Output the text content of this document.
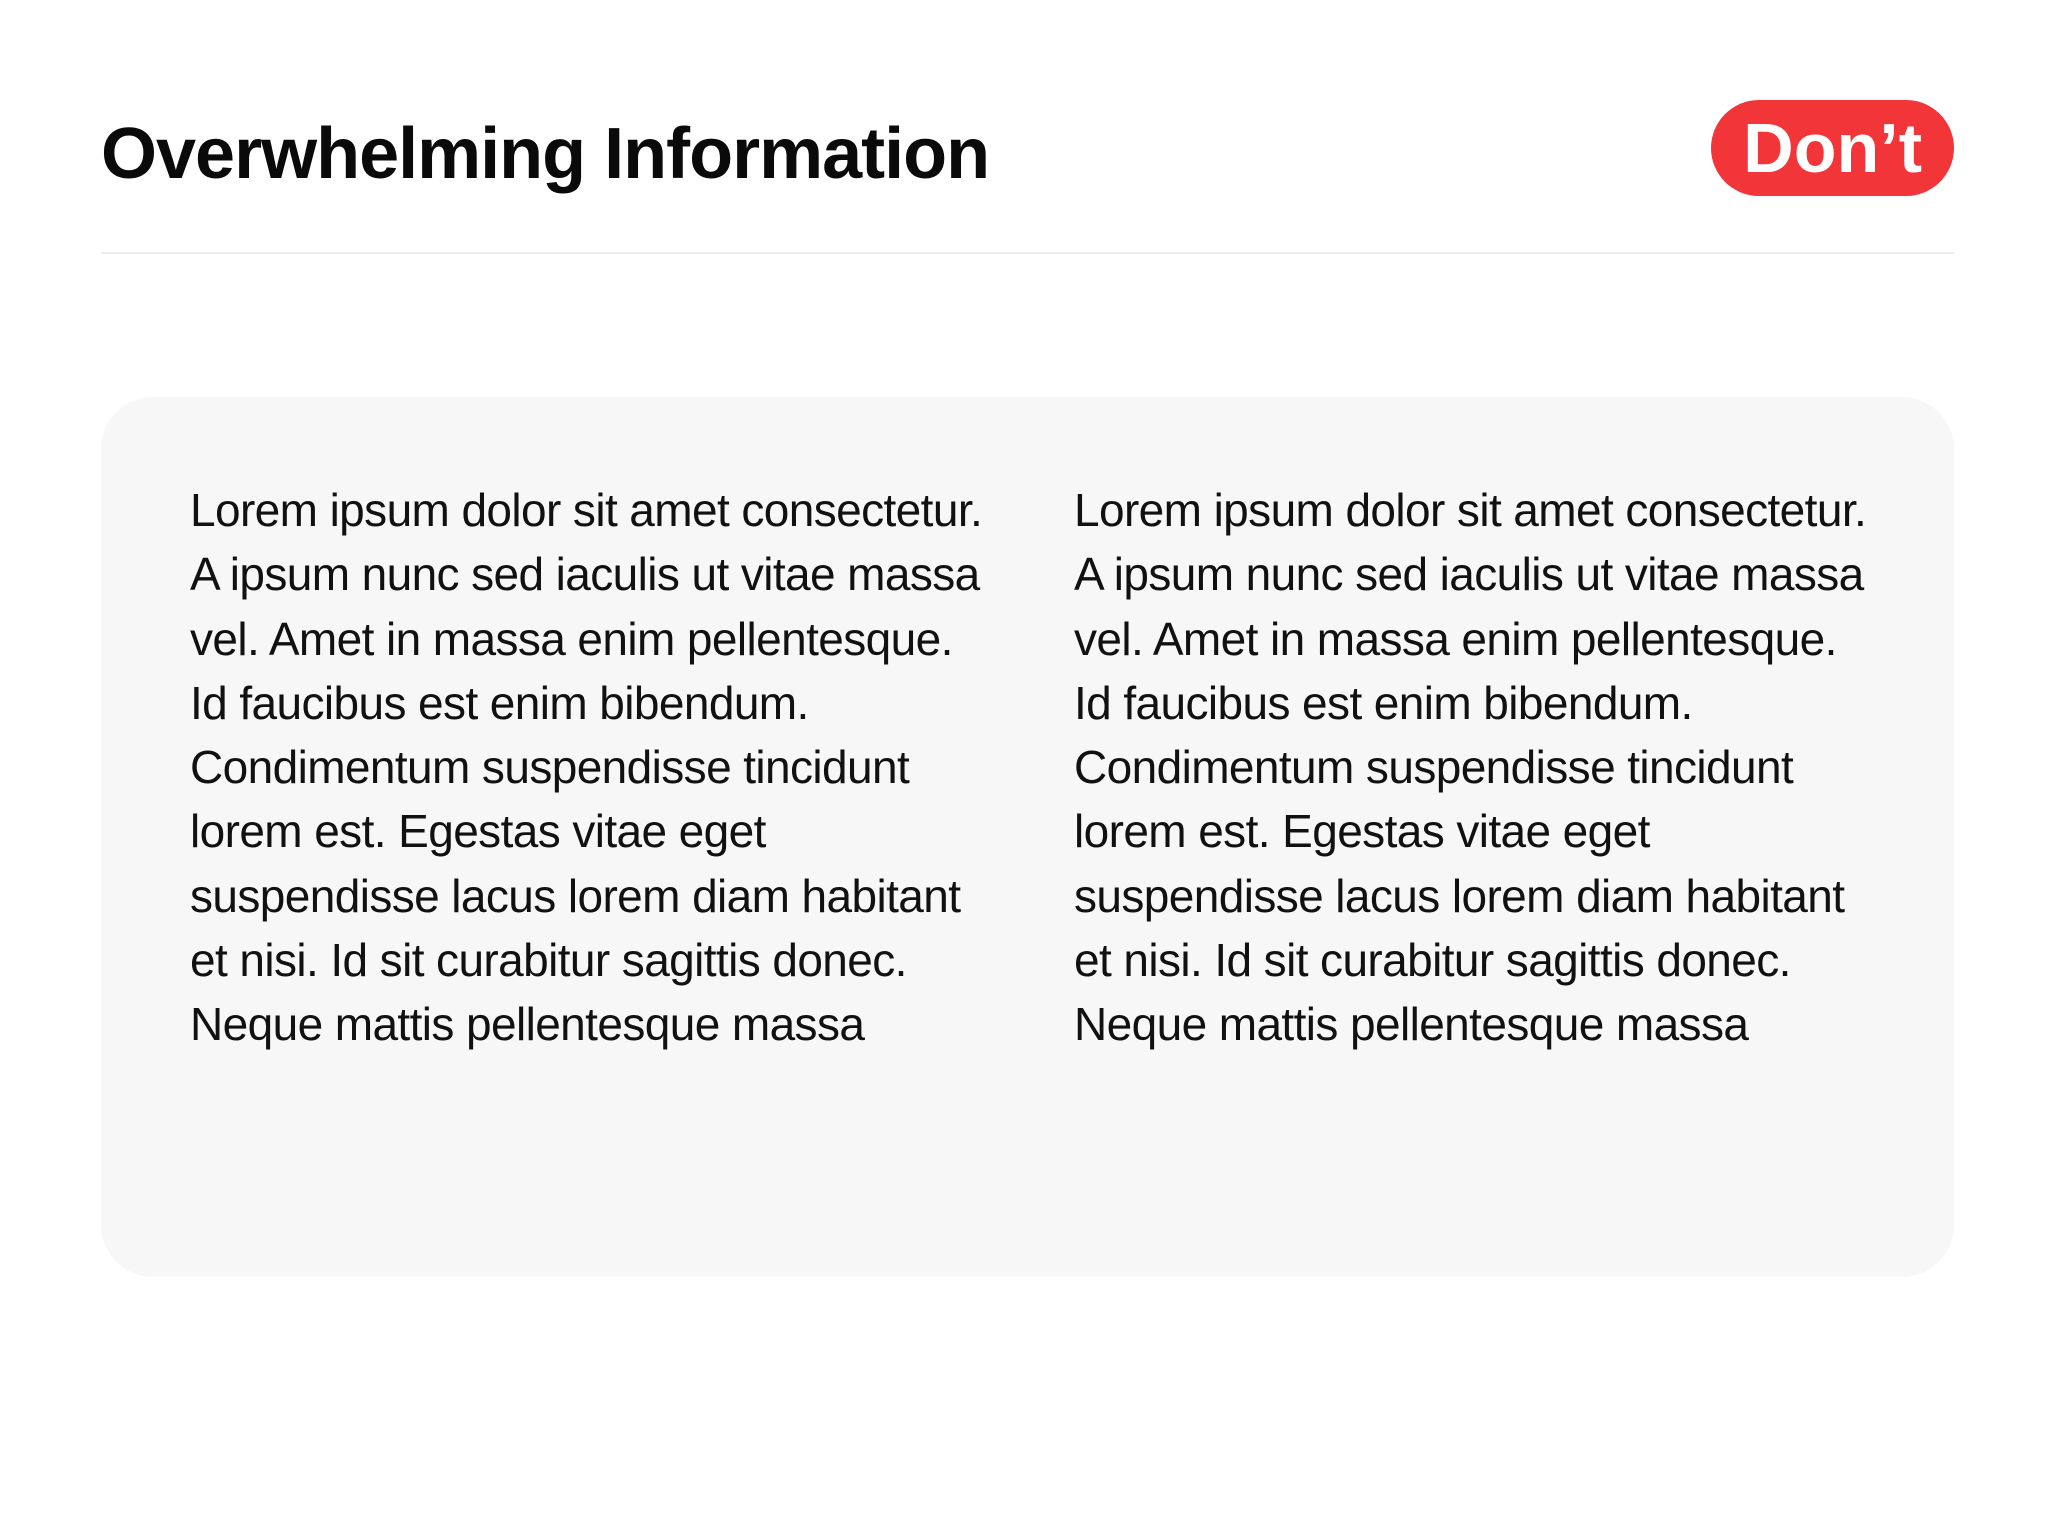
Overwhelming Information	Don’t

Lorem ipsum dolor sit amet consectetur. A ipsum nunc sed iaculis ut vitae massa vel. Amet in massa enim pellentesque. Id faucibus est enim bibendum. Condimentum suspendisse tincidunt lorem est. Egestas vitae eget suspendisse lacus lorem diam habitant et nisi. Id sit curabitur sagittis donec. Neque mattis pellentesque massa

Lorem ipsum dolor sit amet consectetur. A ipsum nunc sed iaculis ut vitae massa vel. Amet in massa enim pellentesque. Id faucibus est enim bibendum. Condimentum suspendisse tincidunt lorem est. Egestas vitae eget suspendisse lacus lorem diam habitant et nisi. Id sit curabitur sagittis donec. Neque mattis pellentesque massa
